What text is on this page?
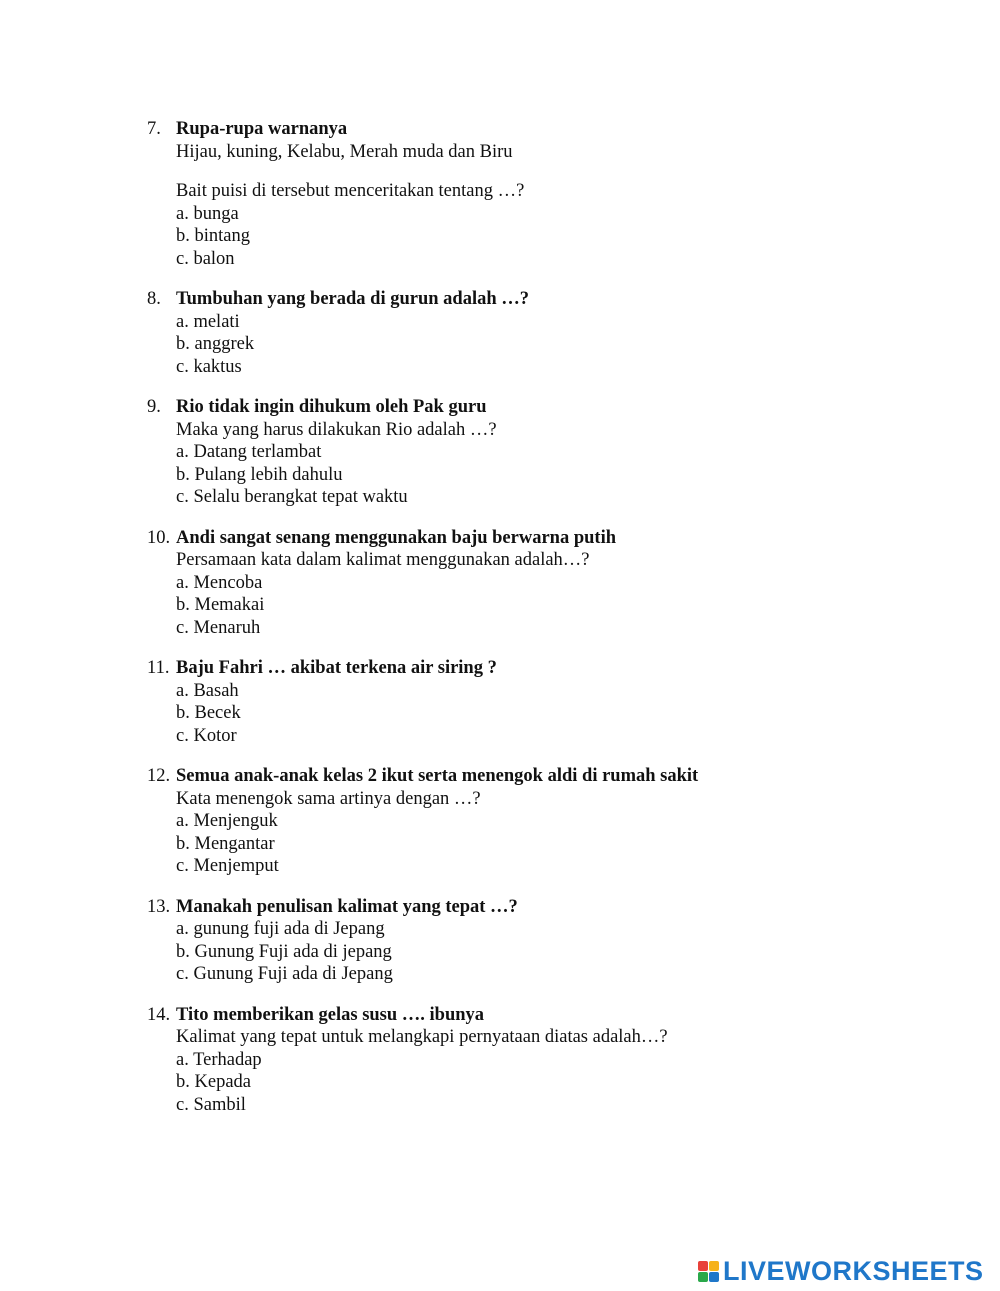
7. Rupa-rupa warnanya
Hijau, kuning, Kelabu, Merah muda dan Biru
Bait puisi di tersebut menceritakan tentang …?
a. bunga
b. bintang
c. balon
8. Tumbuhan yang berada di gurun adalah …?
a. melati
b. anggrek
c. kaktus
9. Rio tidak ingin dihukum oleh Pak guru
Maka yang harus dilakukan Rio adalah …?
a. Datang terlambat
b. Pulang lebih dahulu
c. Selalu berangkat tepat waktu
10. Andi sangat senang menggunakan baju berwarna putih
Persamaan kata dalam kalimat menggunakan adalah…?
a. Mencoba
b. Memakai
c. Menaruh
11. Baju Fahri … akibat terkena air siring ?
a. Basah
b. Becek
c. Kotor
12. Semua anak-anak kelas 2 ikut serta menengok aldi di rumah sakit
Kata menengok sama artinya dengan …?
a. Menjenguk
b. Mengantar
c. Menjemput
13. Manakah penulisan kalimat yang tepat …?
a. gunung fuji ada di Jepang
b. Gunung Fuji ada di jepang
c. Gunung Fuji ada di Jepang
14. Tito memberikan gelas susu …. ibunya
Kalimat yang tepat untuk melangkapi pernyataan diatas adalah…?
a. Terhadap
b. Kepada
c. Sambil
LIVEWORKSHEETS
